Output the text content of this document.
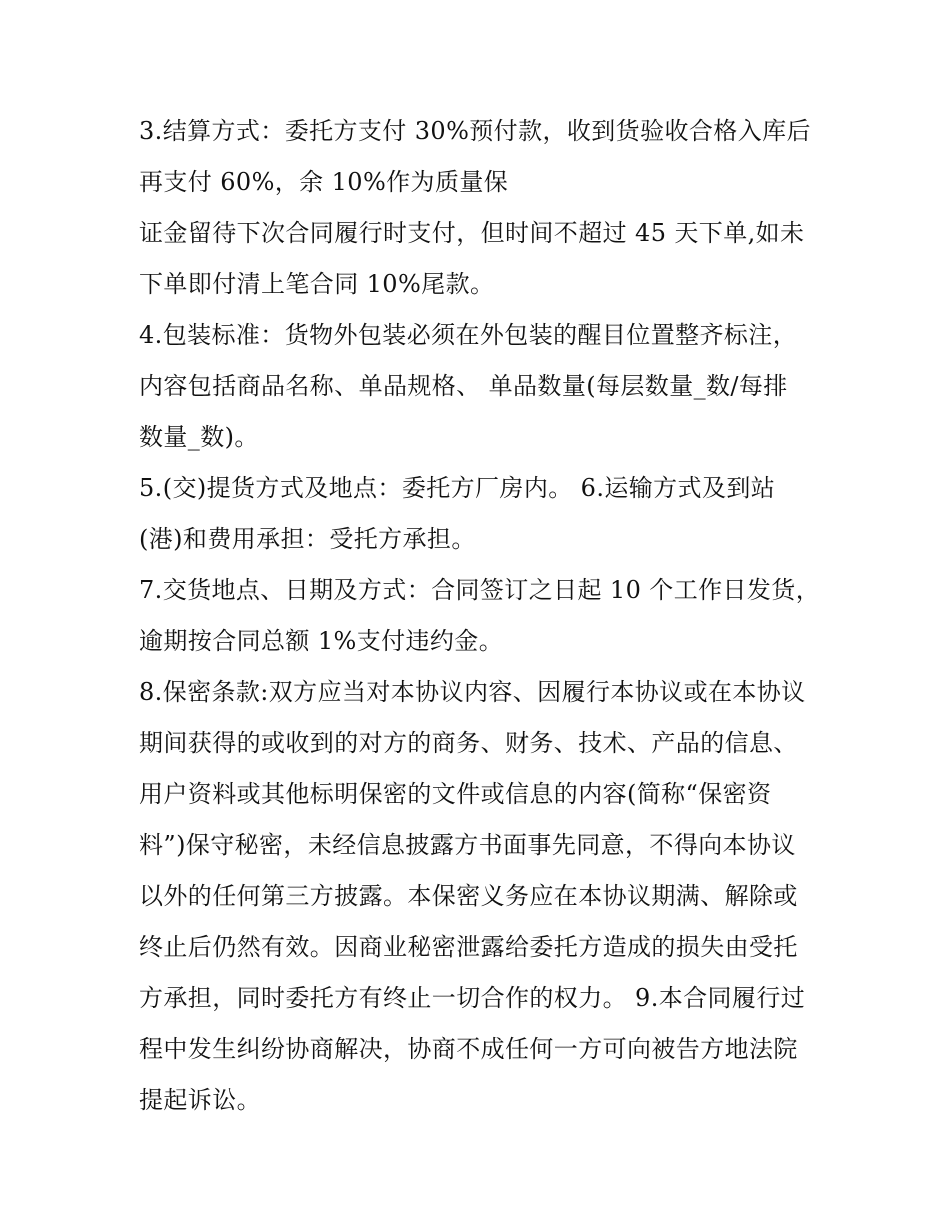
3.结算方式：委托方支付 30%预付款，收到货验收合格入库后
再支付 60%，余 10%作为质量保
证金留待下次合同履行时支付，但时间不超过 45 天下单,如未
下单即付清上笔合同 10%尾款。
4.包装标准：货物外包装必须在外包装的醒目位置整齐标注，
内容包括商品名称、单品规格、 单品数量(每层数量_数/每排
数量_数)。
5.(交)提货方式及地点：委托方厂房内。 6.运输方式及到站
(港)和费用承担：受托方承担。
7.交货地点、日期及方式：合同签订之日起 10 个工作日发货，
逾期按合同总额 1%支付违约金。
8.保密条款:双方应当对本协议内容、因履行本协议或在本协议
期间获得的或收到的对方的商务、财务、技术、产品的信息、
用户资料或其他标明保密的文件或信息的内容(简称“保密资
料”)保守秘密，未经信息披露方书面事先同意，不得向本协议
以外的任何第三方披露。本保密义务应在本协议期满、解除或
终止后仍然有效。因商业秘密泄露给委托方造成的损失由受托
方承担，同时委托方有终止一切合作的权力。 9.本合同履行过
程中发生纠纷协商解决，协商不成任何一方可向被告方地法院
提起诉讼。
